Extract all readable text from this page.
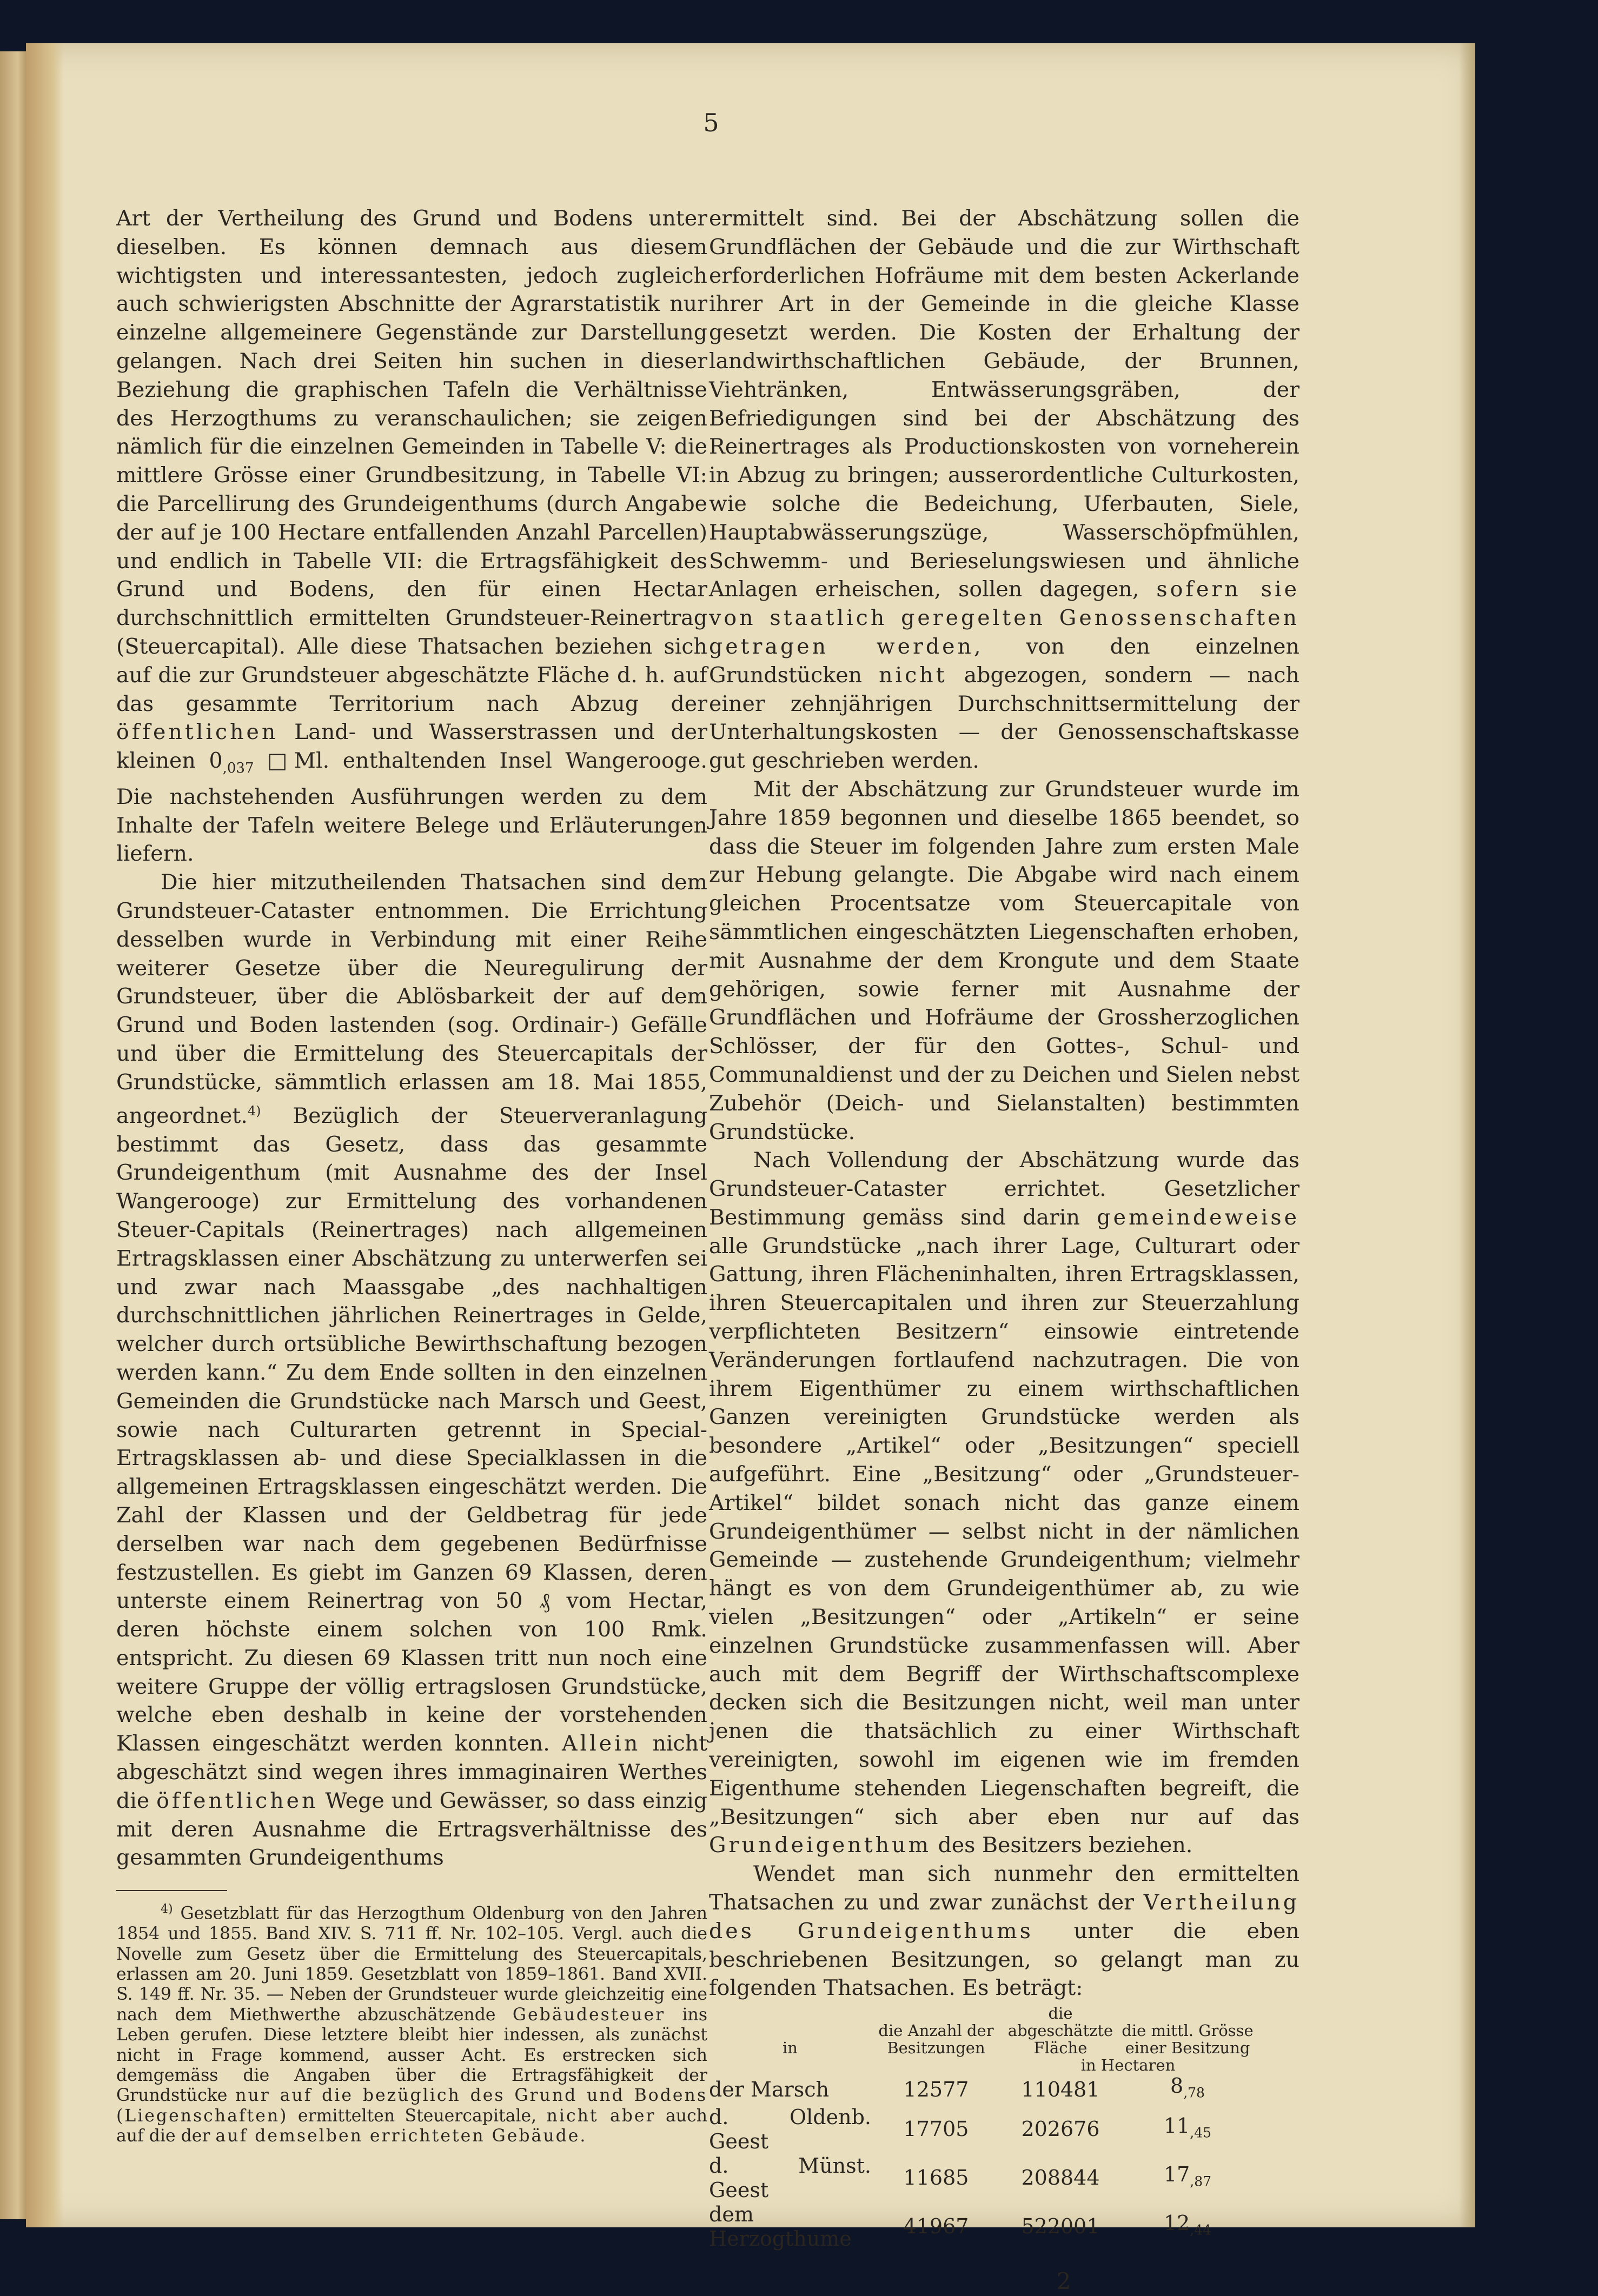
5

Art der Vertheilung des Grund und Bodens unter dieselben. Es können demnach aus diesem wichtigsten und interessantesten, jedoch zugleich auch schwierigsten Abschnitte der Agrarstatistik nur einzelne allgemeinere Gegenstände zur Darstellung gelangen. Nach drei Seiten hin suchen in dieser Beziehung die graphischen Tafeln die Verhältnisse des Herzogthums zu veranschaulichen; sie zeigen nämlich für die einzelnen Gemeinden in Tabelle V: die mittlere Grösse einer Grundbesitzung, in Tabelle VI: die Parcellirung des Grundeigenthums (durch Angabe der auf je 100 Hectare entfallenden Anzahl Parcellen) und endlich in Tabelle VII: die Ertragsfähigkeit des Grund und Bodens, den für einen Hectar durchschnittlich ermittelten Grundsteuer-Reinertrag (Steuercapital). Alle diese Thatsachen beziehen sich auf die zur Grundsteuer abgeschätzte Fläche d. h. auf das gesammte Territorium nach Abzug der öffentlichen Land- und Wasserstrassen und der kleinen $0_{,037}$ □Ml. enthaltenden Insel Wangerooge. Die nachstehenden Ausführungen werden zu dem Inhalte der Tafeln weitere Belege und Erläuterungen liefern.

Die hier mitzutheilenden Thatsachen sind dem Grundsteuer-Cataster entnommen. Die Errichtung desselben wurde in Verbindung mit einer Reihe weiterer Gesetze über die Neuregulirung der Grundsteuer, über die Ablösbarkeit der auf dem Grund und Boden lastenden (sog. Ordinair-) Gefälle und über die Ermittelung des Steuercapitals der Grundstücke, sämmtlich erlassen am 18. Mai 1855, angeordnet.$^{4)}$ Bezüglich der Steuerveranlagung bestimmt das Gesetz, dass das gesammte Grundeigenthum (mit Ausnahme des der Insel Wangerooge) zur Ermittelung des vorhandenen Steuer-Capitals (Reinertrages) nach allgemeinen Ertragsklassen einer Abschätzung zu unterwerfen sei und zwar nach Maassgabe „des nachhaltigen durchschnittlichen jährlichen Reinertrages in Gelde, welcher durch ortsübliche Bewirthschaftung bezogen werden kann.“ Zu dem Ende sollten in den einzelnen Gemeinden die Grundstücke nach Marsch und Geest, sowie nach Culturarten getrennt in Special-Ertragsklassen ab- und diese Specialklassen in die allgemeinen Ertragsklassen eingeschätzt werden. Die Zahl der Klassen und der Geldbetrag für jede derselben war nach dem gegebenen Bedürfnisse festzustellen. Es giebt im Ganzen 69 Klassen, deren unterste einem Reinertrag von 50 ₰ vom Hectar, deren höchste einem solchen von 100 Rmk. entspricht. Zu diesen 69 Klassen tritt nun noch eine weitere Gruppe der völlig ertragslosen Grundstücke, welche eben deshalb in keine der vorstehenden Klassen eingeschätzt werden konnten. Allein nicht abgeschätzt sind wegen ihres immaginairen Werthes die öffentlichen Wege und Gewässer, so dass einzig mit deren Ausnahme die Ertragsverhältnisse des gesammten Grundeigenthums

$^{4)}$ Gesetzblatt für das Herzogthum Oldenburg von den Jahren 1854 und 1855. Band XIV. S. 711 ff. Nr. 102–105. Vergl. auch die Novelle zum Gesetz über die Ermittelung des Steuercapitals, erlassen am 20. Juni 1859. Gesetzblatt von 1859–1861. Band XVII. S. 149 ff. Nr. 35. — Neben der Grundsteuer wurde gleichzeitig eine nach dem Miethwerthe abzuschätzende Gebäudesteuer ins Leben gerufen. Diese letztere bleibt hier indessen, als zunächst nicht in Frage kommend, ausser Acht. Es erstrecken sich demgemäss die Angaben über die Ertragsfähigkeit der Grundstücke nur auf die bezüglich des Grund und Bodens (Liegenschaften) ermittelten Steuercapitale, nicht aber auch auf die der auf demselben errichteten Gebäude.

ermittelt sind. Bei der Abschätzung sollen die Grundflächen der Gebäude und die zur Wirthschaft erforderlichen Hofräume mit dem besten Ackerlande ihrer Art in der Gemeinde in die gleiche Klasse gesetzt werden. Die Kosten der Erhaltung der landwirthschaftlichen Gebäude, der Brunnen, Viehtränken, Entwässerungsgräben, der Befriedigungen sind bei der Abschätzung des Reinertrages als Productionskosten von vorneherein in Abzug zu bringen; ausserordentliche Culturkosten, wie solche die Bedeichung, Uferbauten, Siele, Hauptabwässerungszüge, Wasserschöpfmühlen, Schwemm- und Berieselungswiesen und ähnliche Anlagen erheischen, sollen dagegen, sofern sie von staatlich geregelten Genossenschaften getragen werden, von den einzelnen Grundstücken nicht abgezogen, sondern — nach einer zehnjährigen Durchschnittsermittelung der Unterhaltungskosten — der Genossenschaftskasse gut geschrieben werden.

Mit der Abschätzung zur Grundsteuer wurde im Jahre 1859 begonnen und dieselbe 1865 beendet, so dass die Steuer im folgenden Jahre zum ersten Male zur Hebung gelangte. Die Abgabe wird nach einem gleichen Procentsatze vom Steuercapitale von sämmtlichen eingeschätzten Liegenschaften erhoben, mit Ausnahme der dem Krongute und dem Staate gehörigen, sowie ferner mit Ausnahme der Grundflächen und Hofräume der Grossherzoglichen Schlösser, der für den Gottes-, Schul- und Communaldienst und der zu Deichen und Sielen nebst Zubehör (Deich- und Sielanstalten) bestimmten Grundstücke.

Nach Vollendung der Abschätzung wurde das Grundsteuer-Cataster errichtet. Gesetzlicher Bestimmung gemäss sind darin gemeindeweise alle Grundstücke „nach ihrer Lage, Culturart oder Gattung, ihren Flächeninhalten, ihren Ertragsklassen, ihren Steuercapitalen und ihren zur Steuerzahlung verpflichteten Besitzern“ einsowie eintretende Veränderungen fortlaufend nachzutragen. Die von ihrem Eigenthümer zu einem wirthschaftlichen Ganzen vereinigten Grundstücke werden als besondere „Artikel“ oder „Besitzungen“ speciell aufgeführt. Eine „Besitzung“ oder „Grundsteuer-Artikel“ bildet sonach nicht das ganze einem Grundeigenthümer — selbst nicht in der nämlichen Gemeinde — zustehende Grundeigenthum; vielmehr hängt es von dem Grundeigenthümer ab, zu wie vielen „Besitzungen“ oder „Artikeln“ er seine einzelnen Grundstücke zusammenfassen will. Aber auch mit dem Begriff der Wirthschaftscomplexe decken sich die Besitzungen nicht, weil man unter jenen die thatsächlich zu einer Wirthschaft vereinigten, sowohl im eigenen wie im fremden Eigenthume stehenden Liegenschaften begreift, die „Besitzungen“ sich aber eben nur auf das Grundeigenthum des Besitzers beziehen.

Wendet man sich nunmehr den ermittelten Thatsachen zu und zwar zunächst der Vertheilung des Grundeigenthums unter die eben beschriebenen Besitzungen, so gelangt man zu folgenden Thatsachen. Es beträgt:

in	die Anzahl der Besitzungen	die abgeschätzte Fläche	die mittl. Grösse einer Besitzung
		in Hectaren	
der Marsch	12577	110481	$8_{,78}$
d. Oldenb. Geest	17705	202676	$11_{,45}$
d. Münst. Geest	11685	208844	$17_{,87}$
dem Herzogthume	41967	522001	$12_{,44}$
2
